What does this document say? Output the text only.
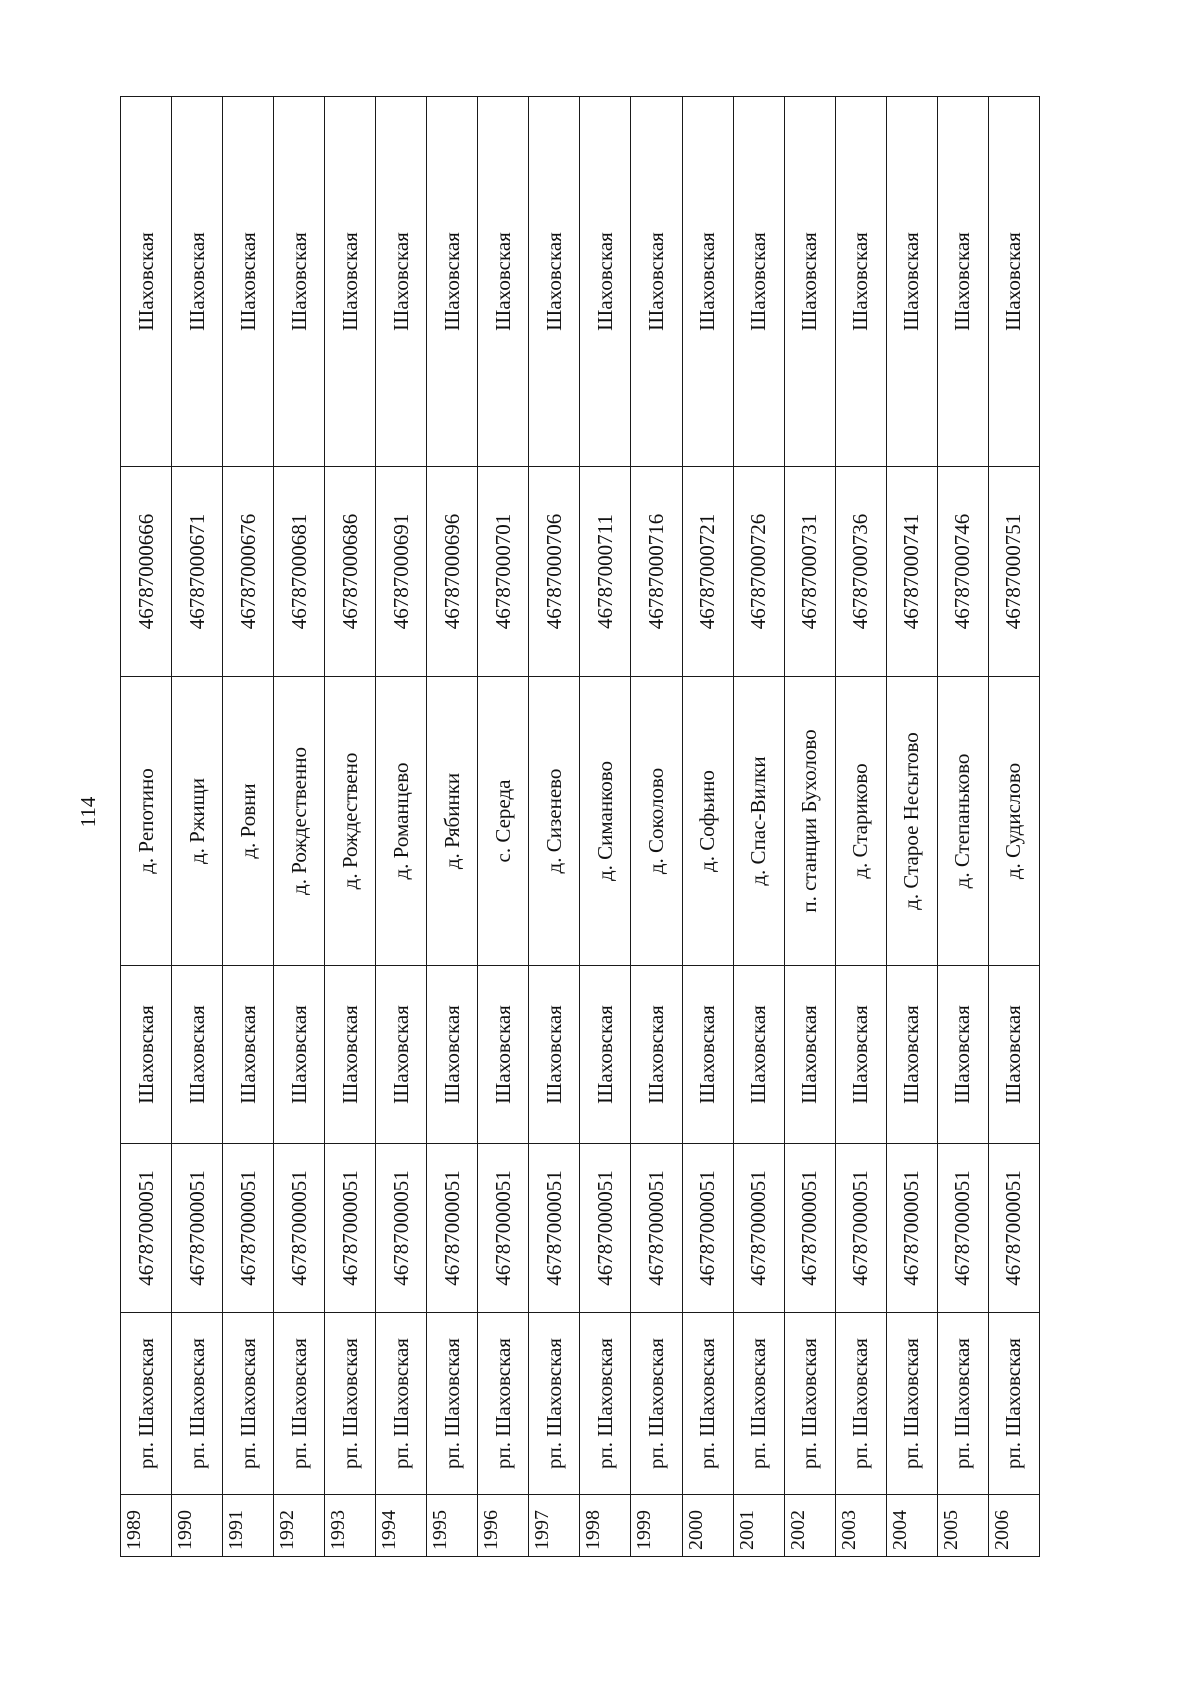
114
1989	рп. Шаховская	46787000051	Шаховская	д. Репотино	46787000666	Шаховская
1990	рп. Шаховская	46787000051	Шаховская	д. Ржищи	46787000671	Шаховская
1991	рп. Шаховская	46787000051	Шаховская	д. Ровни	46787000676	Шаховская
1992	рп. Шаховская	46787000051	Шаховская	д. Рождественно	46787000681	Шаховская
1993	рп. Шаховская	46787000051	Шаховская	д. Рождествено	46787000686	Шаховская
1994	рп. Шаховская	46787000051	Шаховская	д. Романцево	46787000691	Шаховская
1995	рп. Шаховская	46787000051	Шаховская	д. Рябинки	46787000696	Шаховская
1996	рп. Шаховская	46787000051	Шаховская	с. Середа	46787000701	Шаховская
1997	рп. Шаховская	46787000051	Шаховская	д. Сизенево	46787000706	Шаховская
1998	рп. Шаховская	46787000051	Шаховская	д. Симанково	46787000711	Шаховская
1999	рп. Шаховская	46787000051	Шаховская	д. Соколово	46787000716	Шаховская
2000	рп. Шаховская	46787000051	Шаховская	д. Софьино	46787000721	Шаховская
2001	рп. Шаховская	46787000051	Шаховская	д. Спас-Вилки	46787000726	Шаховская
2002	рп. Шаховская	46787000051	Шаховская	п. станции Бухолово	46787000731	Шаховская
2003	рп. Шаховская	46787000051	Шаховская	д. Стариково	46787000736	Шаховская
2004	рп. Шаховская	46787000051	Шаховская	д. Старое Несытово	46787000741	Шаховская
2005	рп. Шаховская	46787000051	Шаховская	д. Степаньково	46787000746	Шаховская
2006	рп. Шаховская	46787000051	Шаховская	д. Судислово	46787000751	Шаховская
